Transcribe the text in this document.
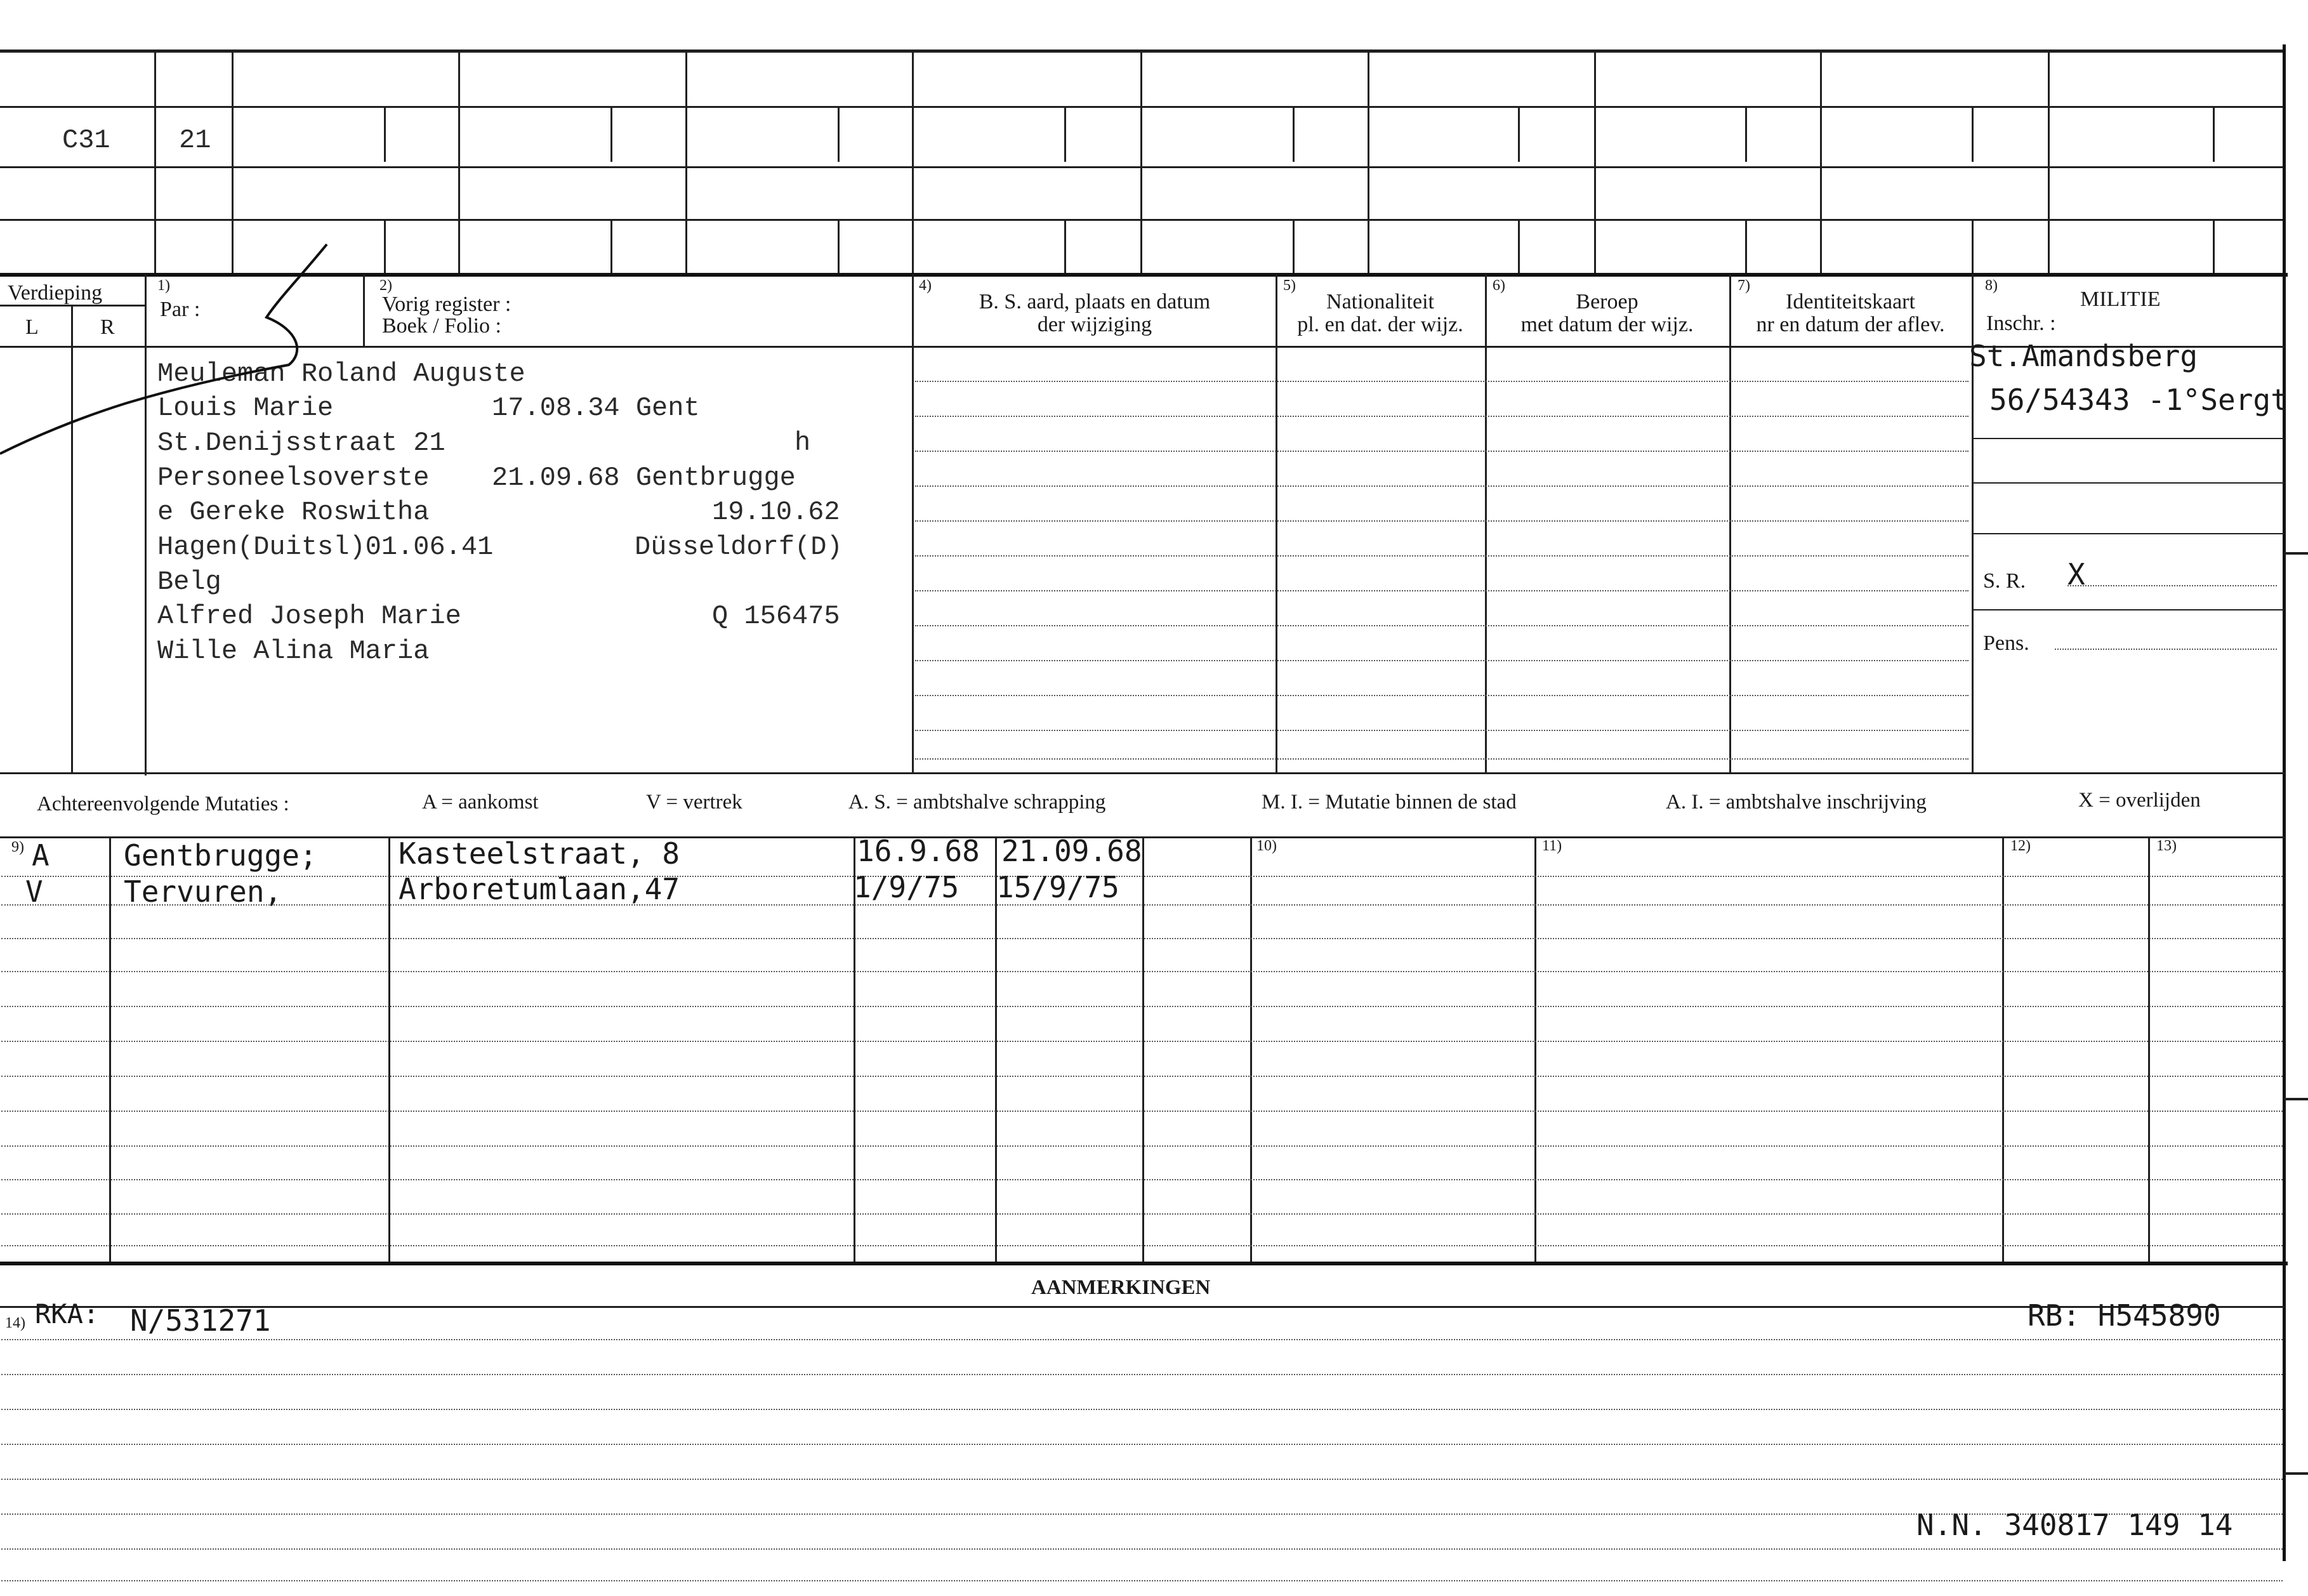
C31	21
Verdieping
L	R
1)
Par :
2)
Vorig register :
Boek / Folio :
4)
B. S. aard, plaats en datum
der wijziging
5)
Nationaliteit
pl. en dat. der wijz.
6)
Beroep
met datum der wijz.
7)
Identiteitskaart
nr en datum der aflev.
8)
MILITIE
Inschr. :
S. R.
Pens.
Meuleman Roland Auguste
Louis Marie	17.08.34 Gent
St.Denijsstraat 21	h
Personeelsoverste 21.09.68 Gentbrugge
e Gereke Roswitha	19.10.62
Hagen(Duitsl)01.06.41	Düsseldorf(D)
Belg
Alfred Joseph Marie	Q 156475
Wille Alina Maria
St.Amandsberg
56/54343 -1°Sergt
X
Achtereenvolgende Mutaties :	A = aankomst	V = vertrek	A. S. = ambtshalve schrapping	M. I. = Mutatie binnen de stad	A. I. = ambtshalve inschrijving	X = overlijden
9)	10)	11)	12)	13)
A	Gentbrugge;	Kasteelstraat, 8	16.9.68 21.09.68
V	Tervuren,	Arboretumlaan,47	1/9/75 15/9/75
AANMERKINGEN
14) RKA: N/531271	RB: H545890
N.N. 340817 149 14
